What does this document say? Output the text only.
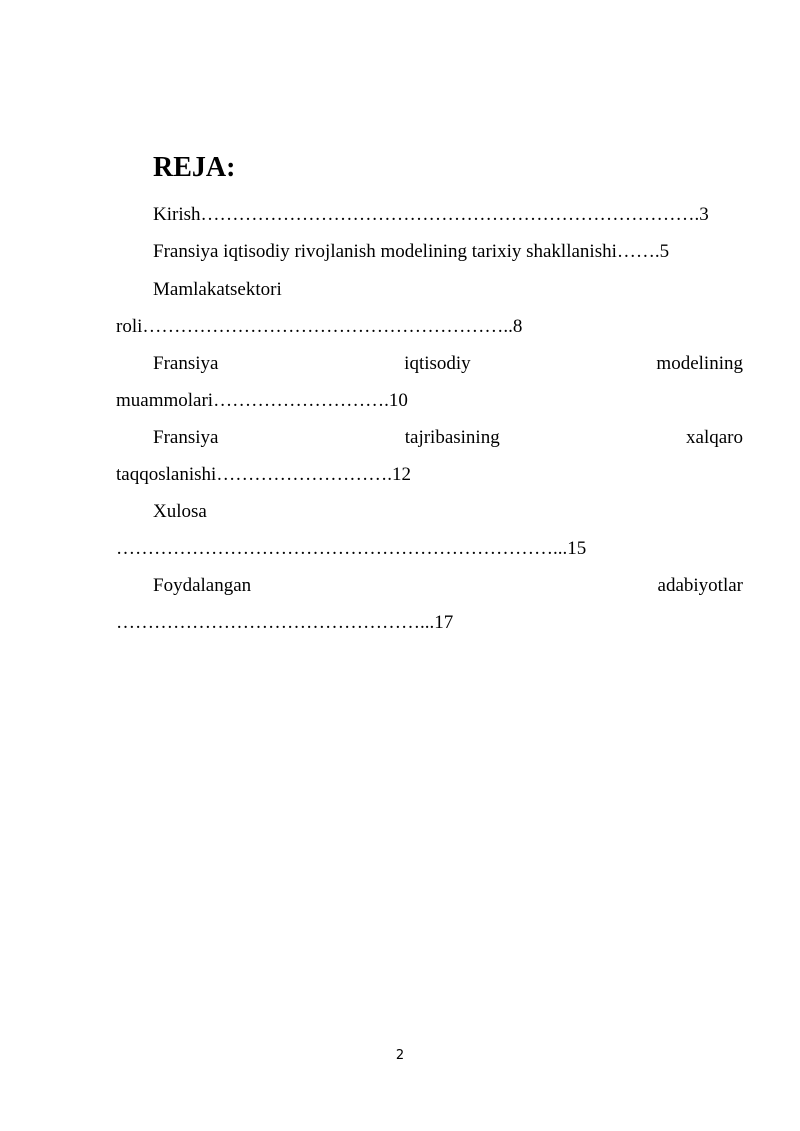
REJA:
Kirish…………………………………………………………………….3
Fransiya iqtisodiy rivojlanish modelining tarixiy shakllanishi…….5
Mamlakatsektori
roli…………………………………………………..8
Fransiya	iqtisodiy	modelining
muammolari……………………….10
Fransiya	tajribasining	xalqaro
taqqoslanishi……………………….12
Xulosa
……………………………………………………………...15
Foydalangan	adabiyotlar
…………………………………………...17
2
